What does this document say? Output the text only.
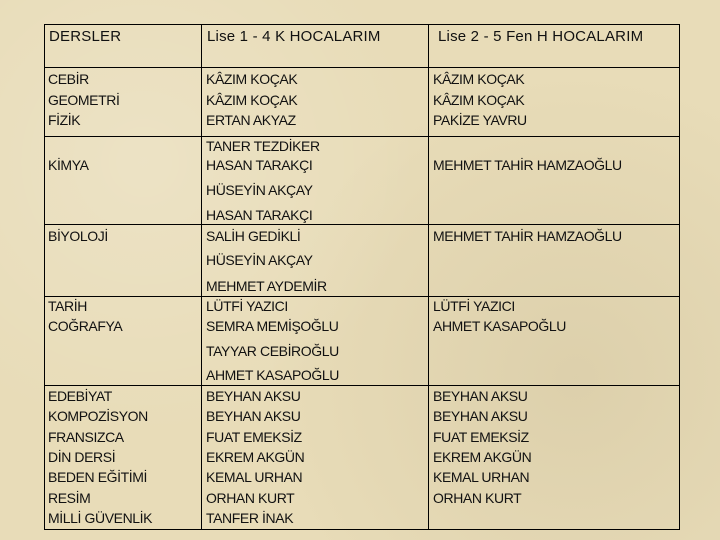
DERSLER	Lise 1 - 4 K HOCALARIM	Lise 2 - 5 Fen H HOCALARIM
CEBİR
GEOMETRİ
FİZİK
KİMYA
BİYOLOJİ
TARİH
COĞRAFYA
EDEBİYAT
KOMPOZİSYON
FRANSIZCA
DİN DERSİ
BEDEN EĞİTİMİ
RESİM
MİLLİ GÜVENLİK
KÂZIM KOÇAK
KÂZIM KOÇAK
ERTAN AKYAZ
TANER TEZDİKER
HASAN TARAKÇI
HÜSEYİN AKÇAY
HASAN TARAKÇI
SALİH GEDİKLİ
HÜSEYİN AKÇAY
MEHMET AYDEMİR
LÜTFİ YAZICI
SEMRA MEMİŞOĞLU
TAYYAR CEBİROĞLU
AHMET KASAPOĞLU
BEYHAN AKSU
BEYHAN AKSU
FUAT EMEKSİZ
EKREM AKGÜN
KEMAL URHAN
ORHAN KURT
TANFER İNAK
KÂZIM KOÇAK
KÂZIM KOÇAK
PAKİZE YAVRU
MEHMET TAHİR HAMZAOĞLU
MEHMET TAHİR HAMZAOĞLU
LÜTFİ YAZICI
AHMET KASAPOĞLU
BEYHAN AKSU
BEYHAN AKSU
FUAT EMEKSİZ
EKREM AKGÜN
KEMAL URHAN
ORHAN KURT
